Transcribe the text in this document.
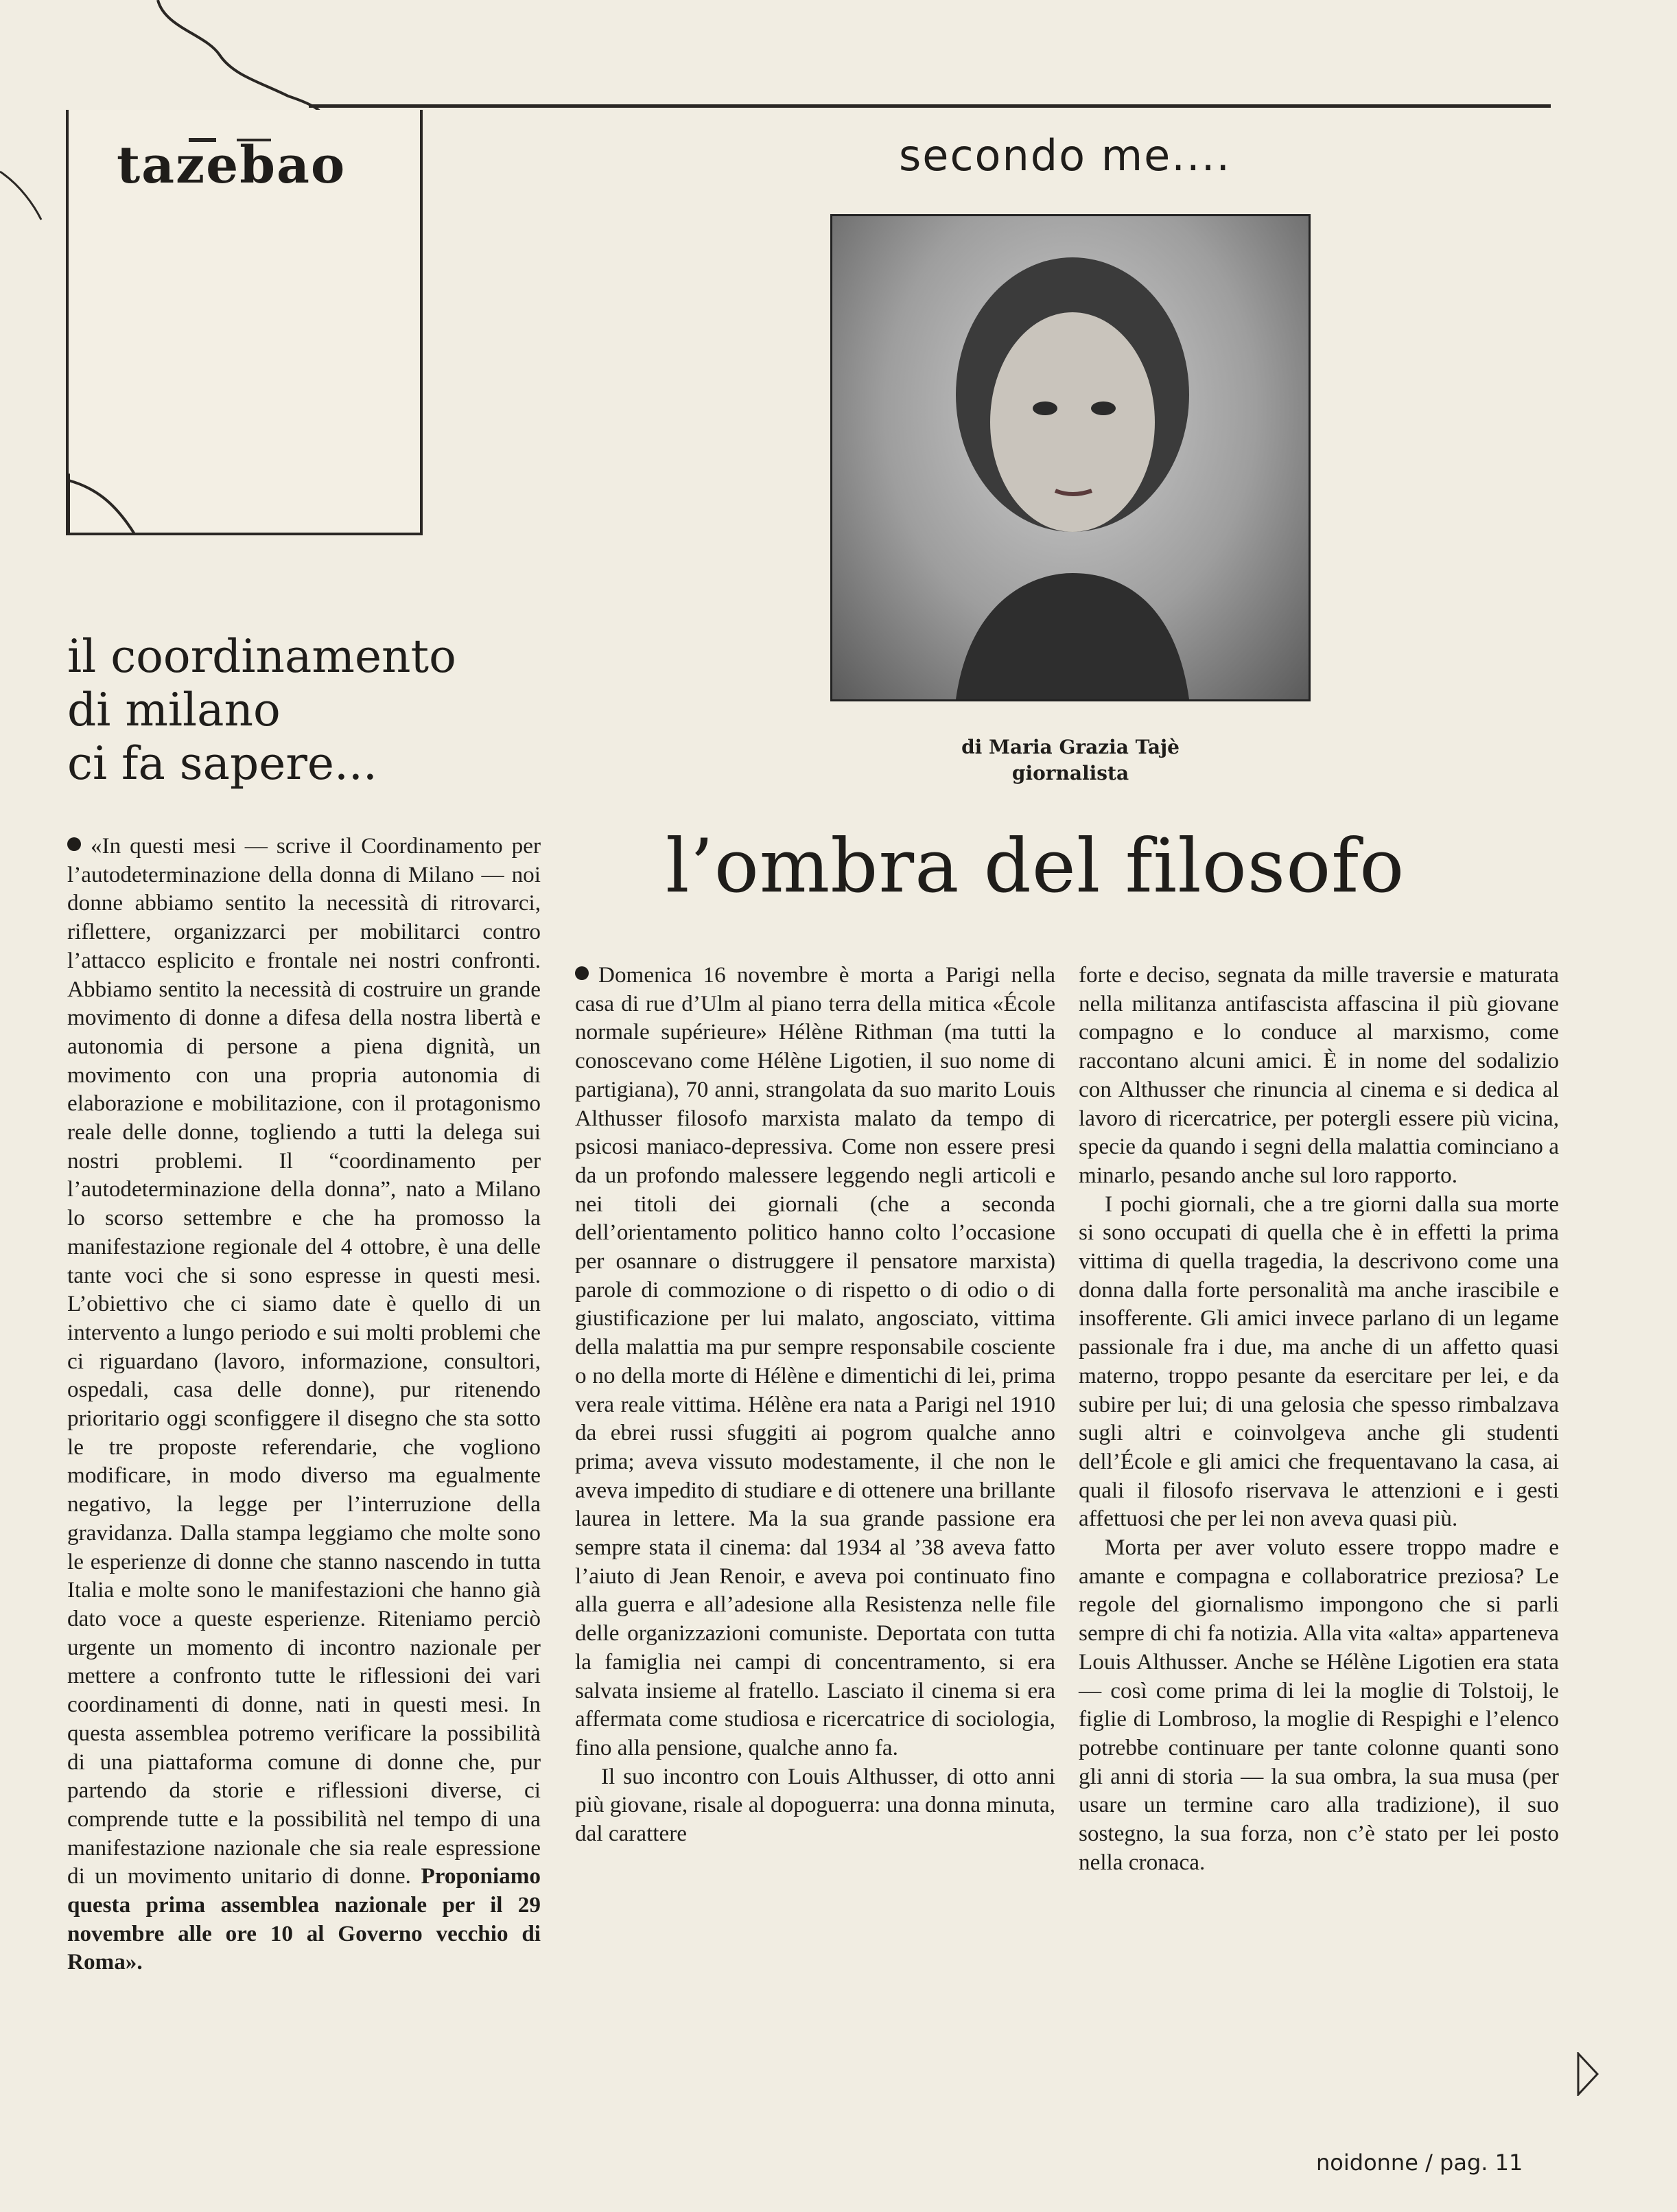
tazebao	secondo me....
di Maria Grazia Tajè
giornalista
l’ombra del filosofo
il coordinamento
di milano
ci fa sapere...

«In questi mesi — scrive il Coordinamento per l’autodeterminazione della donna di Milano — noi donne abbiamo sentito la necessità di ritrovarci, riflettere, organizzarci per mobilitarci contro l’attacco esplicito e frontale nei nostri confronti. Abbiamo sentito la necessità di costruire un grande movimento di donne a difesa della nostra libertà e autonomia di persone a piena dignità, un movimento con una propria autonomia di elaborazione e mobilitazione, con il protagonismo reale delle donne, togliendo a tutti la delega sui nostri problemi. Il “coordinamento per l’autodeterminazione della donna”, nato a Milano lo scorso settembre e che ha promosso la manifestazione regionale del 4 ottobre, è una delle tante voci che si sono espresse in questi mesi. L’obiettivo che ci siamo date è quello di un intervento a lungo periodo e sui molti problemi che ci riguardano (lavoro, informazione, consultori, ospedali, casa delle donne), pur ritenendo prioritario oggi sconfiggere il disegno che sta sotto le tre proposte referendarie, che vogliono modificare, in modo diverso ma egualmente negativo, la legge per l’interruzione della gravidanza. Dalla stampa leggiamo che molte sono le esperienze di donne che stanno nascendo in tutta Italia e molte sono le manifestazioni che hanno già dato voce a queste esperienze. Riteniamo perciò urgente un momento di incontro nazionale per mettere a confronto tutte le riflessioni dei vari coordinamenti di donne, nati in questi mesi. In questa assemblea potremo verificare la possibilità di una piattaforma comune di donne che, pur partendo da storie e riflessioni diverse, ci comprende tutte e la possibilità nel tempo di una manifestazione nazionale che sia reale espressione di un movimento unitario di donne. Proponiamo questa prima assemblea nazionale per il 29 novembre alle ore 10 al Governo vecchio di Roma».

Domenica 16 novembre è morta a Parigi nella casa di rue d’Ulm al piano terra della mitica «École normale supérieure» Hélène Rithman (ma tutti la conoscevano come Hélène Ligotien, il suo nome di partigiana), 70 anni, strangolata da suo marito Louis Althusser filosofo marxista malato da tempo di psicosi maniaco-depressiva. Come non essere presi da un profondo malessere leggendo negli articoli e nei titoli dei giornali (che a seconda dell’orientamento politico hanno colto l’occasione per osannare o distruggere il pensatore marxista) parole di commozione o di rispetto o di odio o di giustificazione per lui malato, angosciato, vittima della malattia ma pur sempre responsabile cosciente o no della morte di Hélène e dimentichi di lei, prima vera reale vittima. Hélène era nata a Parigi nel 1910 da ebrei russi sfuggiti ai pogrom qualche anno prima; aveva vissuto modestamente, il che non le aveva impedito di studiare e di ottenere una brillante laurea in lettere. Ma la sua grande passione era sempre stata il cinema: dal 1934 al ’38 aveva fatto l’aiuto di Jean Renoir, e aveva poi continuato fino alla guerra e all’adesione alla Resistenza nelle file delle organizzazioni comuniste. Deportata con tutta la famiglia nei campi di concentramento, si era salvata insieme al fratello. Lasciato il cinema si era affermata come studiosa e ricercatrice di sociologia, fino alla pensione, qualche anno fa.

Il suo incontro con Louis Althusser, di otto anni più giovane, risale al dopoguerra: una donna minuta, dal carattere

forte e deciso, segnata da mille traversie e maturata nella militanza antifascista affascina il più giovane compagno e lo conduce al marxismo, come raccontano alcuni amici. È in nome del sodalizio con Althusser che rinuncia al cinema e si dedica al lavoro di ricercatrice, per potergli essere più vicina, specie da quando i segni della malattia cominciano a minarlo, pesando anche sul loro rapporto.

I pochi giornali, che a tre giorni dalla sua morte si sono occupati di quella che è in effetti la prima vittima di quella tragedia, la descrivono come una donna dalla forte personalità ma anche irascibile e insofferente. Gli amici invece parlano di un legame passionale fra i due, ma anche di un affetto quasi materno, troppo pesante da esercitare per lei, e da subire per lui; di una gelosia che spesso rimbalzava sugli altri e coinvolgeva anche gli studenti dell’École e gli amici che frequentavano la casa, ai quali il filosofo riservava le attenzioni e i gesti affettuosi che per lei non aveva quasi più.

Morta per aver voluto essere troppo madre e amante e compagna e collaboratrice preziosa? Le regole del giornalismo impongono che si parli sempre di chi fa notizia. Alla vita «alta» apparteneva Louis Althusser. Anche se Hélène Ligotien era stata — così come prima di lei la moglie di Tolstoij, le figlie di Lombroso, la moglie di Respighi e l’elenco potrebbe continuare per tante colonne quanti sono gli anni di storia — la sua ombra, la sua musa (per usare un termine caro alla tradizione), il suo sostegno, la sua forza, non c’è stato per lei posto nella cronaca.

noidonne / pag. 11
